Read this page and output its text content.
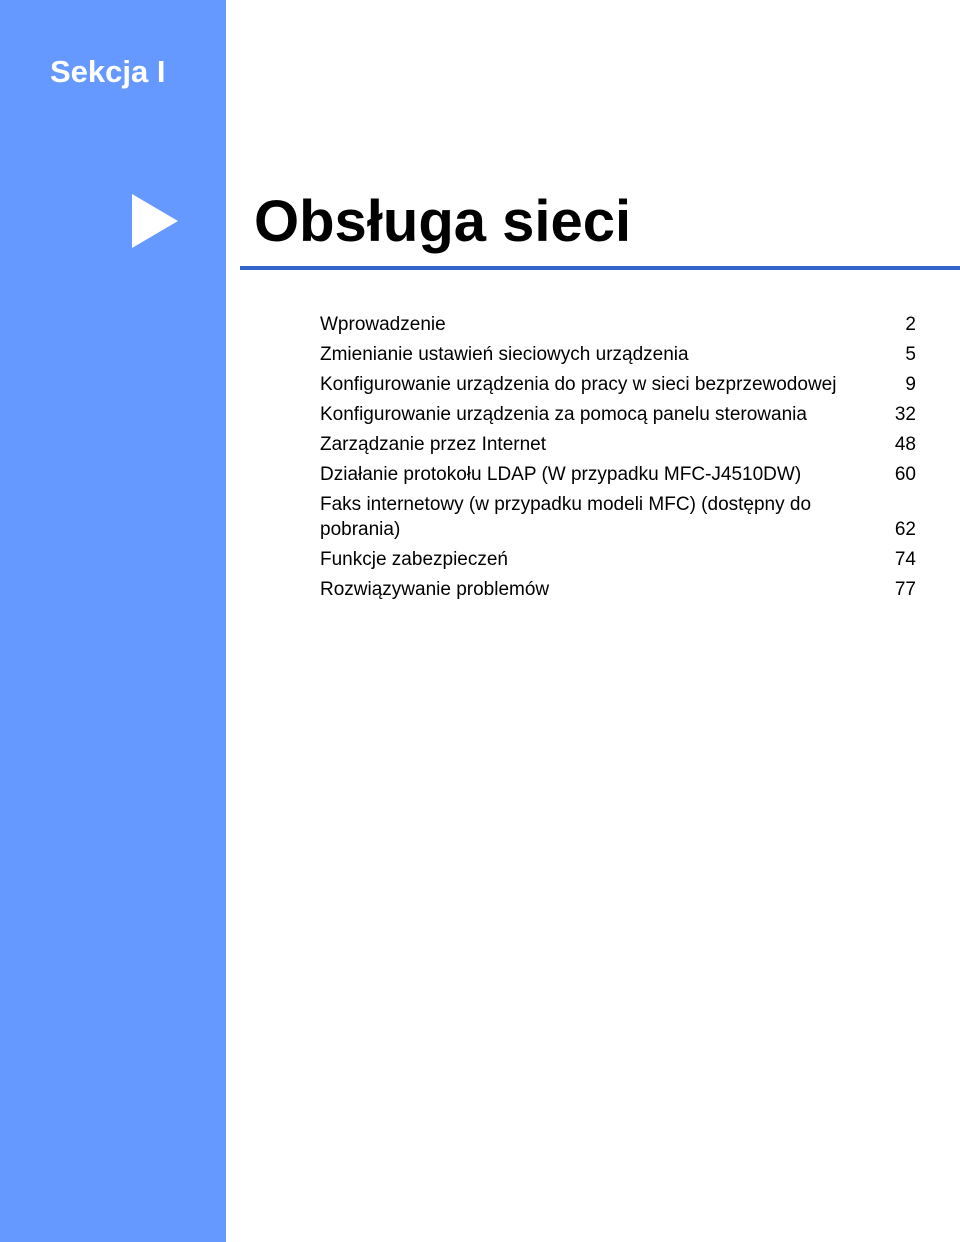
Sekcja I
Obsługa sieci
Wprowadzenie	2
Zmienianie ustawień sieciowych urządzenia	5
Konfigurowanie urządzenia do pracy w sieci bezprzewodowej	9
Konfigurowanie urządzenia za pomocą panelu sterowania	32
Zarządzanie przez Internet	48
Działanie protokołu LDAP (W przypadku MFC-J4510DW)	60
Faks internetowy (w przypadku modeli MFC) (dostępny do pobrania)	62
Funkcje zabezpieczeń	74
Rozwiązywanie problemów	77
